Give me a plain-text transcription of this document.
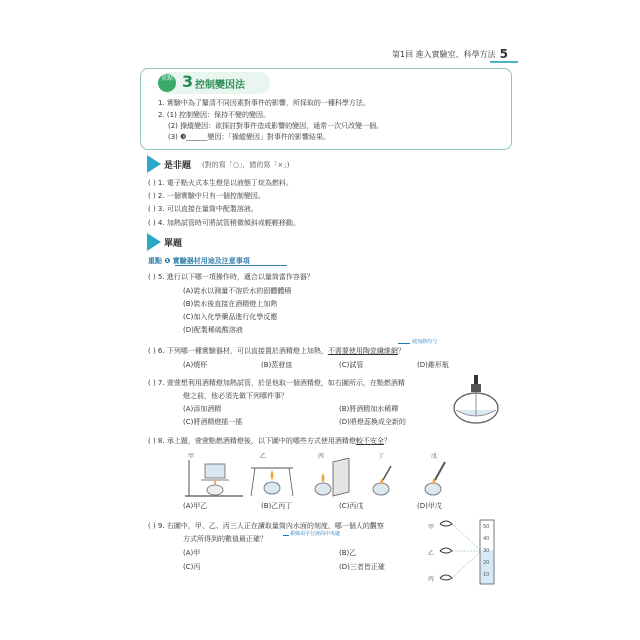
第1回 進入實驗室、科學方法 5
重點 3 控制變因法
1. 實驗中為了釐清不同因素對事件的影響，所採取的一種科學方法。
2. (1) 控制變因：保持不變的變因。
(2) 操縱變因：欲探討對事件造成影響的變因，通常一次只改變一個。
(3) ❸______變因：「操縱變因」對事件的影響結果。
是非題 (對的寫「○」，錯的寫「×」)
( ) 1. 電子點火式本生燈是以液態丁烷為燃料。
( ) 2. 一個實驗中只有一個控制變因。
( ) 3. 可以直接在量筒中配製溶液。
( ) 4. 加熱試管時可將試管稍微傾斜或輕輕移動。
單題
重點 ❶ 實驗器材用途及注意事項
( ) 5. 進行以下哪一項操作時，適合以量筒當作容器？
(A)裝水以測量不溶於水的固體體積
(B)裝水後直接在酒精燈上加熱
(C)加入化學藥品進行化學反應
(D)配製稀硫酸溶液
使加熱均勻
( ) 6. 下列哪一種實驗器材，可以直接置於酒精燈上加熱，不需要使用陶瓷纖維網？
(A)燒杯	(B)蒸發皿	(C)試管	(D)錐形瓶
( ) 7. 萱萱想利用酒精燈加熱試管，於是他取一個酒精燈，如右圖所示，在點燃酒精
燈之前，他必須先做下列哪件事？
(A)添加酒精	(B)將酒精加水稀釋
(C)將酒精燈搖一搖	(D)將燈蕊換成全新的
( ) 8. 承上題，萱萱點燃酒精燈後，以下圖中的哪些方式使用酒精燈較不安全？
甲	乙	丙	丁	戊
(A)甲乙	(B)乙丙丁	(C)丙戊	(D)甲戊
( ) 9. 右圖中，甲、乙、丙三人正在讀取量筒內水面的刻度，哪一個人的觀察
方式所得到的數值最正確？
視線須平行液面中央處
(A)甲	(B)乙
(C)丙	(D)三者皆正確
甲
乙
丙
50
40
30
20
10
